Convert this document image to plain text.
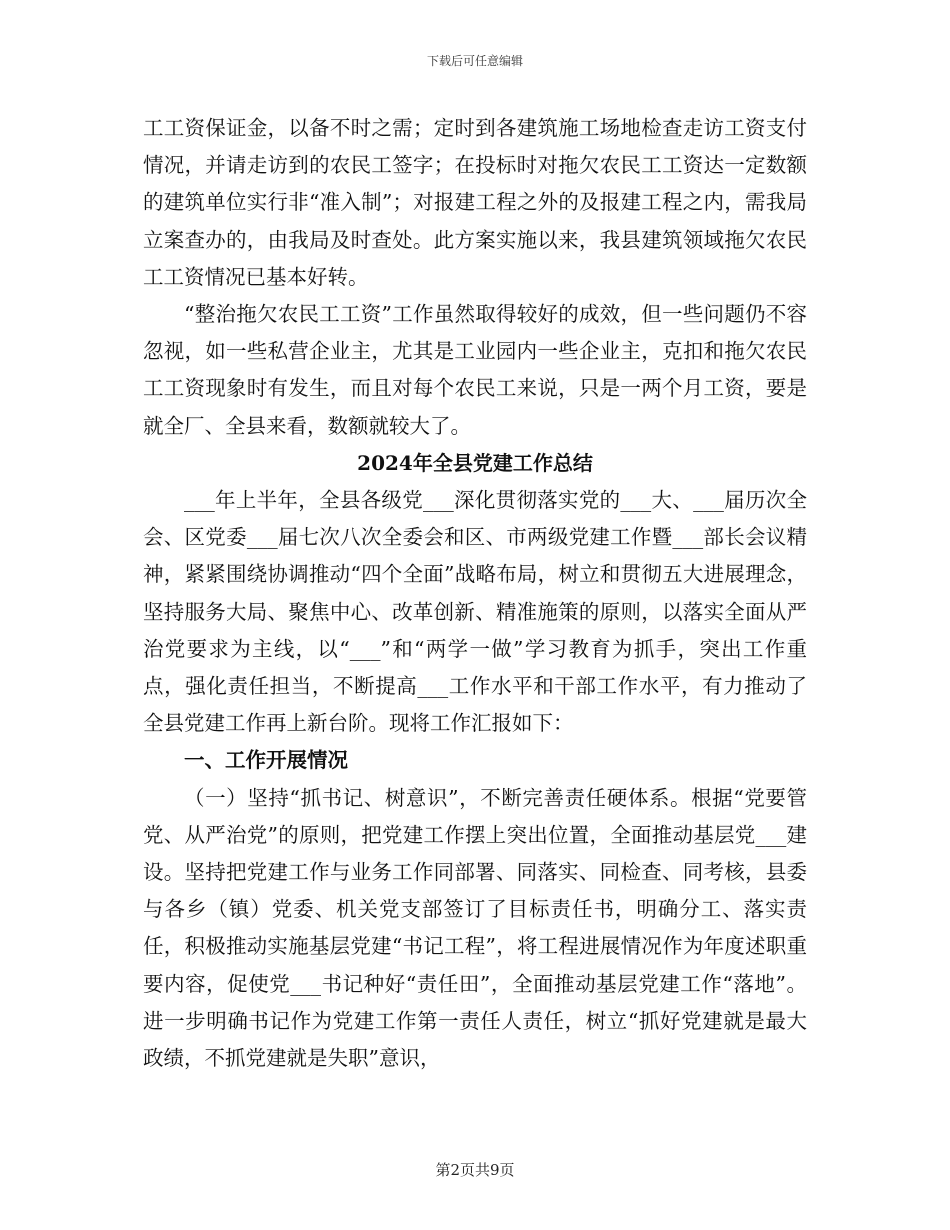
下载后可任意编辑

工工资保证金，以备不时之需；定时到各建筑施工场地检查走访工资支付情况，并请走访到的农民工签字；在投标时对拖欠农民工工资达一定数额的建筑单位实行非“准入制”；对报建工程之外的及报建工程之内，需我局立案查办的，由我局及时查处。此方案实施以来，我县建筑领域拖欠农民工工资情况已基本好转。

“整治拖欠农民工工资”工作虽然取得较好的成效，但一些问题仍不容忽视，如一些私营企业主，尤其是工业园内一些企业主，克扣和拖欠农民工工资现象时有发生，而且对每个农民工来说，只是一两个月工资，要是就全厂、全县来看，数额就较大了。

2024年全县党建工作总结

___年上半年，全县各级党___深化贯彻落实党的___大、___届历次全会、区党委___届七次八次全委会和区、市两级党建工作暨___部长会议精神，紧紧围绕协调推动“四个全面”战略布局，树立和贯彻五大进展理念，坚持服务大局、聚焦中心、改革创新、精准施策的原则，以落实全面从严治党要求为主线，以“___”和“两学一做”学习教育为抓手，突出工作重点，强化责任担当，不断提高___工作水平和干部工作水平，有力推动了全县党建工作再上新台阶。现将工作汇报如下：

一、工作开展情况

（一）坚持“抓书记、树意识”，不断完善责任硬体系。根据“党要管党、从严治党”的原则，把党建工作摆上突出位置，全面推动基层党___建设。坚持把党建工作与业务工作同部署、同落实、同检查、同考核，县委与各乡（镇）党委、机关党支部签订了目标责任书，明确分工、落实责任，积极推动实施基层党建“书记工程”，将工程进展情况作为年度述职重要内容，促使党___书记种好“责任田”，全面推动基层党建工作“落地”。进一步明确书记作为党建工作第一责任人责任，树立“抓好党建就是最大政绩，不抓党建就是失职”意识，

第2页共9页
